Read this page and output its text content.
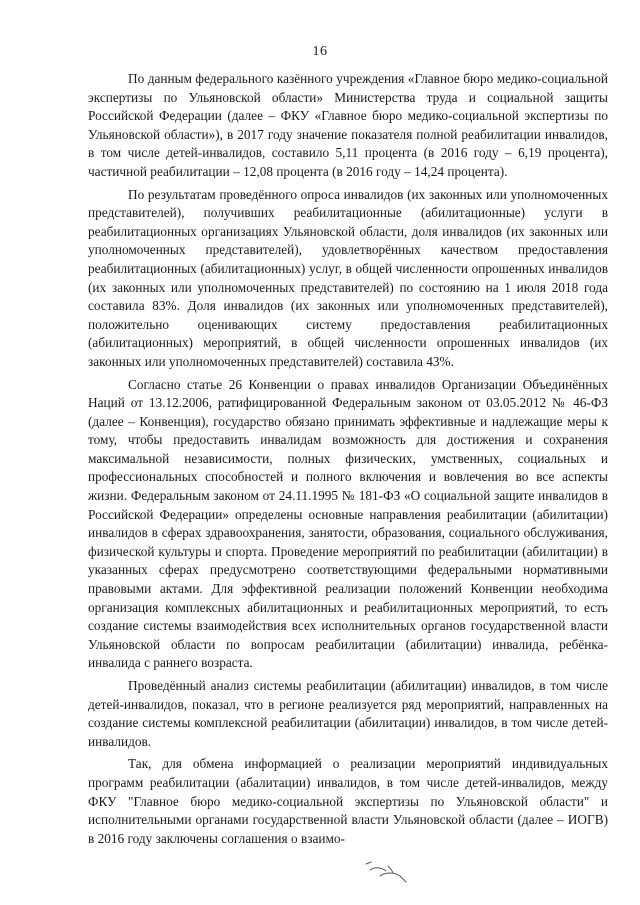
16

По данным федерального казённого учреждения «Главное бюро медико-социальной экспертизы по Ульяновской области» Министерства труда и социальной защиты Российской Федерации (далее – ФКУ «Главное бюро медико-социальной экспертизы по Ульяновской области»), в 2017 году значение показателя полной реабилитации инвалидов, в том числе детей-инвалидов, составило 5,11 процента (в 2016 году – 6,19 процента), частичной реабилитации – 12,08 процента (в 2016 году – 14,24 процента).

По результатам проведённого опроса инвалидов (их законных или уполномоченных представителей), получивших реабилитационные (абилитационные) услуги в реабилитационных организациях Ульяновской области, доля инвалидов (их законных или уполномоченных представителей), удовлетворённых качеством предоставления реабилитационных (абилитационных) услуг, в общей численности опрошенных инвалидов (их законных или уполномоченных представителей) по состоянию на 1 июля 2018 года составила 83%. Доля инвалидов (их законных или уполномоченных представителей), положительно оценивающих систему предоставления реабилитационных (абилитационных) мероприятий, в общей численности опрошенных инвалидов (их законных или уполномоченных представителей) составила 43%.

Согласно статье 26 Конвенции о правах инвалидов Организации Объединённых Наций от 13.12.2006, ратифицированной Федеральным законом от 03.05.2012 № 46-ФЗ (далее – Конвенция), государство обязано принимать эффективные и надлежащие меры к тому, чтобы предоставить инвалидам возможность для достижения и сохранения максимальной независимости, полных физических, умственных, социальных и профессиональных способностей и полного включения и вовлечения во все аспекты жизни. Федеральным законом от 24.11.1995 № 181-ФЗ «О социальной защите инвалидов в Российской Федерации» определены основные направления реабилитации (абилитации) инвалидов в сферах здравоохранения, занятости, образования, социального обслуживания, физической культуры и спорта. Проведение мероприятий по реабилитации (абилитации) в указанных сферах предусмотрено соответствующими федеральными нормативными правовыми актами. Для эффективной реализации положений Конвенции необходима организация комплексных абилитационных и реабилитационных мероприятий, то есть создание системы взаимодействия всех исполнительных органов государственной власти Ульяновской области по вопросам реабилитации (абилитации) инвалида, ребёнка-инвалида с раннего возраста.

Проведённый анализ системы реабилитации (абилитации) инвалидов, в том числе детей-инвалидов, показал, что в регионе реализуется ряд мероприятий, направленных на создание системы комплексной реабилитации (абилитации) инвалидов, в том числе детей-инвалидов.

Так, для обмена информацией о реализации мероприятий индивидуальных программ реабилитации (абалитации) инвалидов, в том числе детей-инвалидов, между ФКУ "Главное бюро медико-социальной экспертизы по Ульяновской области" и исполнительными органами государственной власти Ульяновской области (далее – ИОГВ) в 2016 году заключены соглашения о взаимо-
